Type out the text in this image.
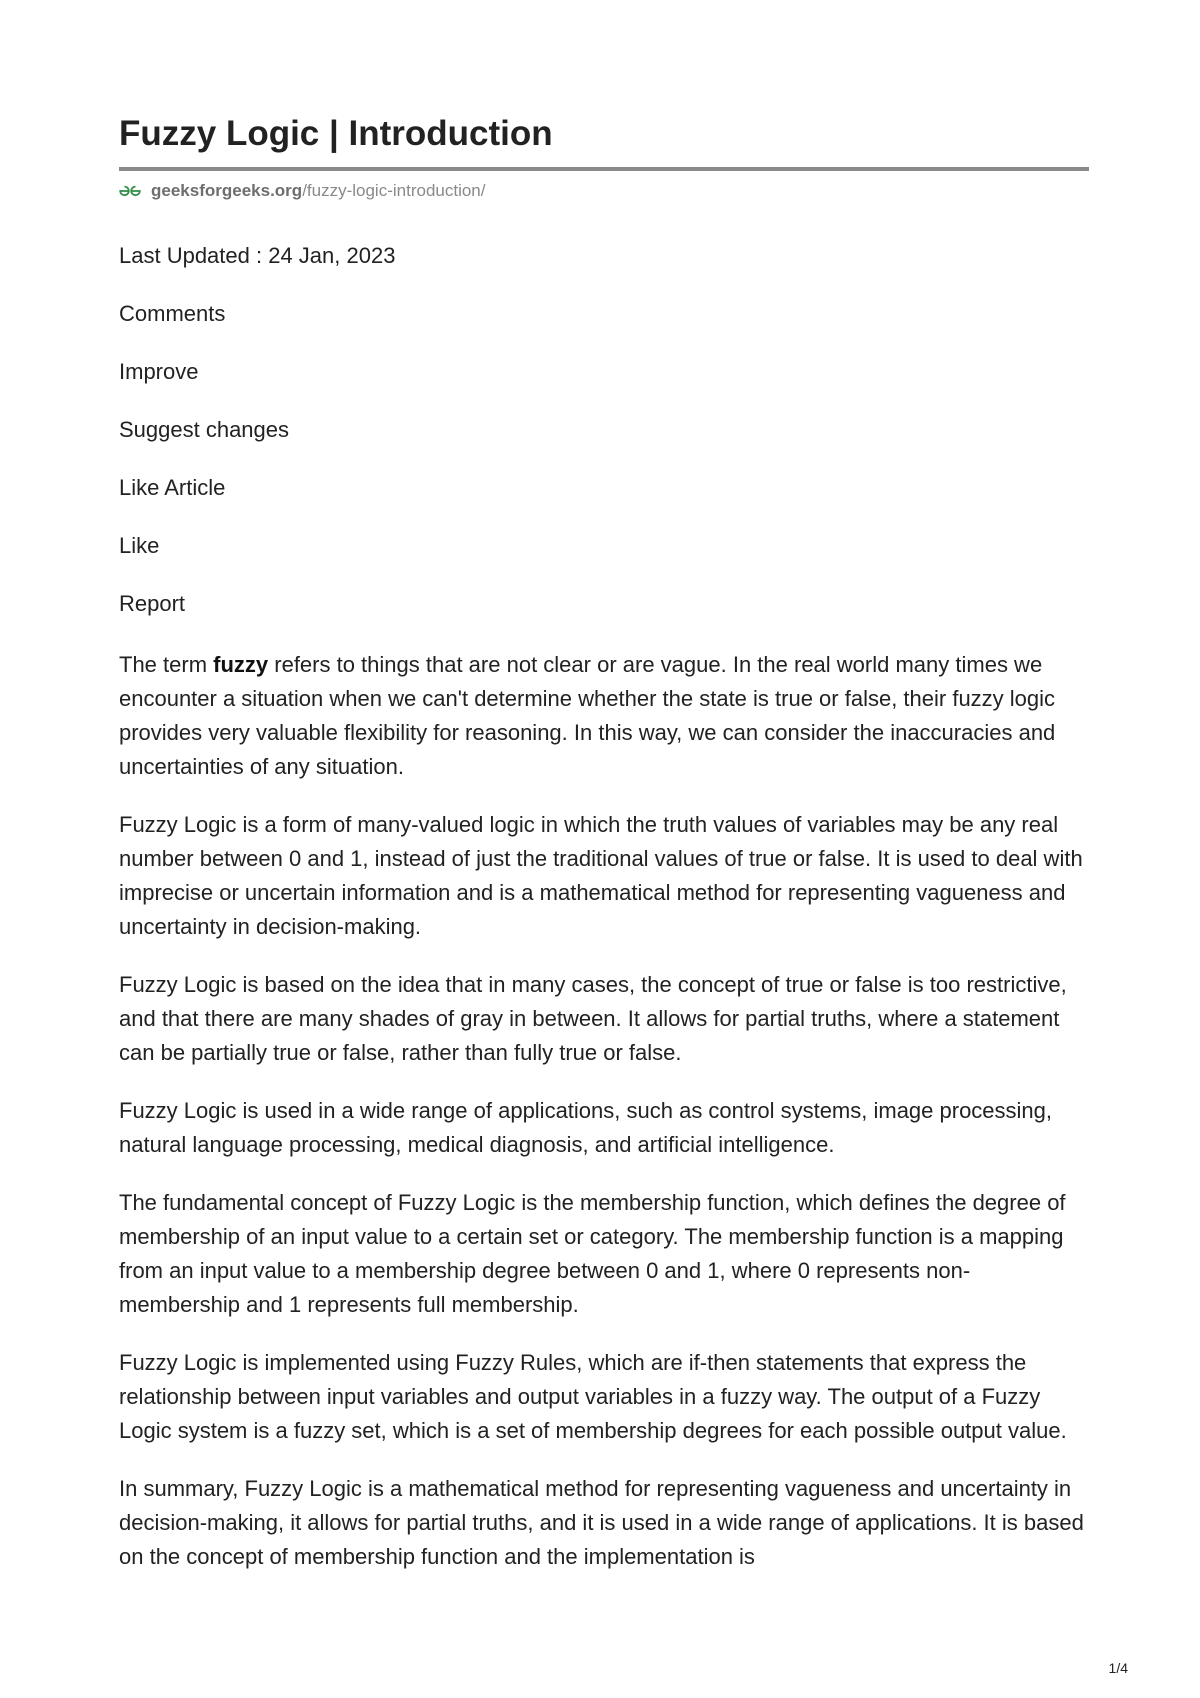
Fuzzy Logic | Introduction
geeksforgeeks.org /fuzzy-logic-introduction/
Last Updated : 24 Jan, 2023
Comments
Improve
Suggest changes
Like Article
Like
Report

The term fuzzy refers to things that are not clear or are vague. In the real world many times we encounter a situation when we can't determine whether the state is true or false, their fuzzy logic provides very valuable flexibility for reasoning. In this way, we can consider the inaccuracies and uncertainties of any situation.

Fuzzy Logic is a form of many-valued logic in which the truth values of variables may be any real number between 0 and 1, instead of just the traditional values of true or false. It is used to deal with imprecise or uncertain information and is a mathematical method for representing vagueness and uncertainty in decision-making.

Fuzzy Logic is based on the idea that in many cases, the concept of true or false is too restrictive, and that there are many shades of gray in between. It allows for partial truths, where a statement can be partially true or false, rather than fully true or false.

Fuzzy Logic is used in a wide range of applications, such as control systems, image processing, natural language processing, medical diagnosis, and artificial intelligence.

The fundamental concept of Fuzzy Logic is the membership function, which defines the degree of membership of an input value to a certain set or category. The membership function is a mapping from an input value to a membership degree between 0 and 1, where 0 represents non-membership and 1 represents full membership.

Fuzzy Logic is implemented using Fuzzy Rules, which are if-then statements that express the relationship between input variables and output variables in a fuzzy way. The output of a Fuzzy Logic system is a fuzzy set, which is a set of membership degrees for each possible output value.

In summary, Fuzzy Logic is a mathematical method for representing vagueness and uncertainty in decision-making, it allows for partial truths, and it is used in a wide range of applications. It is based on the concept of membership function and the implementation is

1/4
